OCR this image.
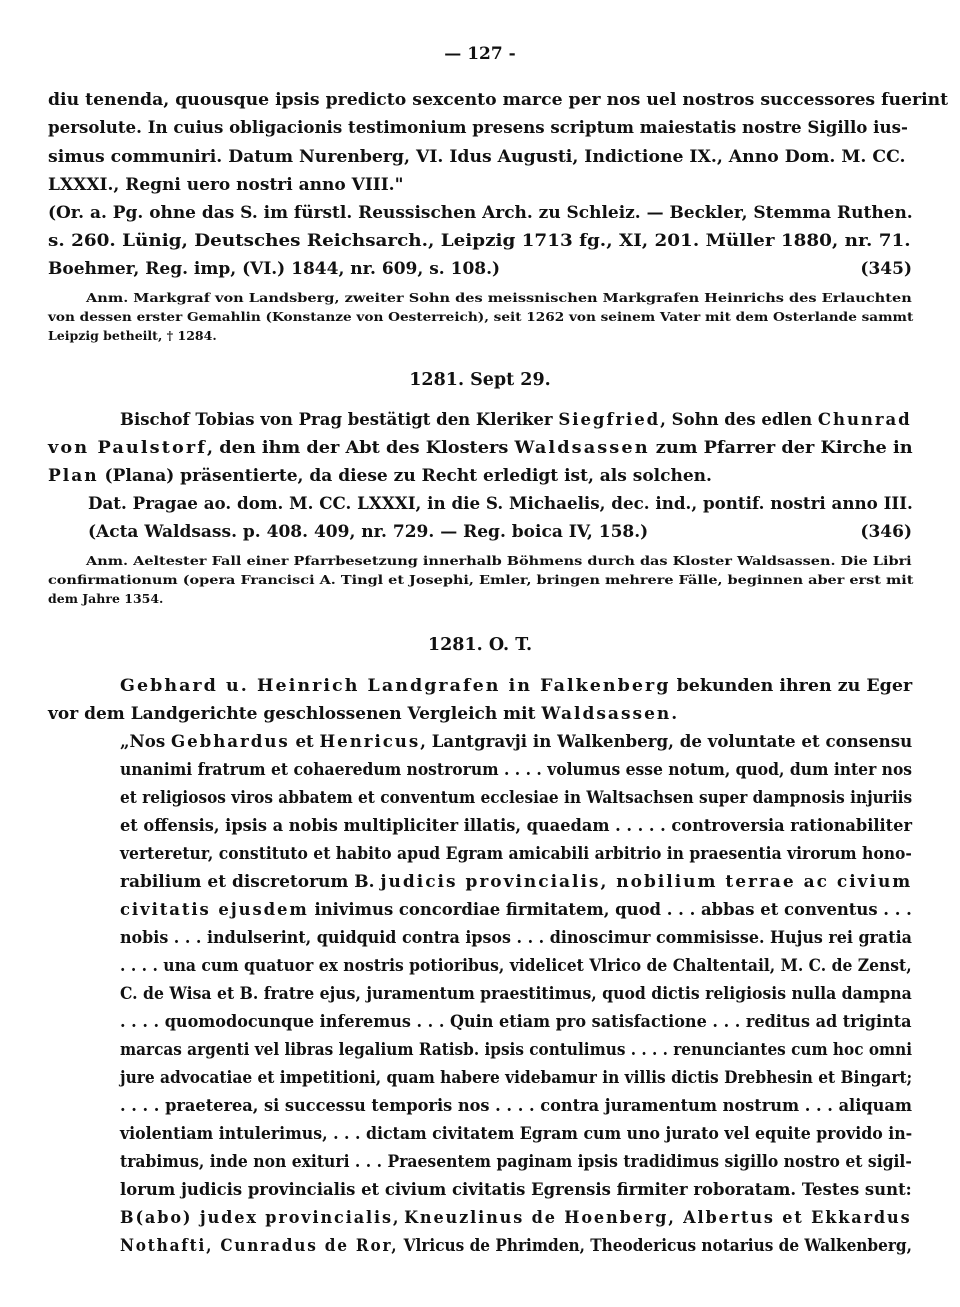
— 127 -
diu tenenda, quousque ipsis predicto sexcento marce per nos uel nostros successores fuerint
persolute. In cuius obligacionis testimonium presens scriptum maiestatis nostre Sigillo ius-
simus communiri. Datum Nurenberg, VI. Idus Augusti, Indictione IX., Anno Dom. M. CC.
LXXXI., Regni uero nostri anno VIII."
(Or. a. Pg. ohne das S. im fürstl. Reussischen Arch. zu Schleiz. — Beckler, Stemma Ruthen.
s. 260. Lünig, Deutsches Reichsarch., Leipzig 1713 fg., XI, 201. Müller 1880, nr. 71.
Boehmer, Reg. imp, (VI.) 1844, nr. 609, s. 108.)	(345)
Anm. Markgraf von Landsberg, zweiter Sohn des meissnischen Markgrafen Heinrichs des Erlauchten
von dessen erster Gemahlin (Konstanze von Oesterreich), seit 1262 von seinem Vater mit dem Osterlande sammt
Leipzig betheilt, † 1284.
1281. Sept 29.
Bischof Tobias von Prag bestätigt den Kleriker Siegfried, Sohn des edlen Chunrad
von Paulstorf, den ihm der Abt des Klosters Waldsassen zum Pfarrer der Kirche in
Plan (Plana) präsentierte, da diese zu Recht erledigt ist, als solchen.
Dat. Pragae ao. dom. M. CC. LXXXI, in die S. Michaelis, dec. ind., pontif. nostri anno III.
(Acta Waldsass. p. 408. 409, nr. 729. — Reg. boica IV, 158.)	(346)
Anm. Aeltester Fall einer Pfarrbesetzung innerhalb Böhmens durch das Kloster Waldsassen. Die Libri
confirmationum (opera Francisci A. Tingl et Josephi, Emler, bringen mehrere Fälle, beginnen aber erst mit
dem Jahre 1354.
1281. O. T.
Gebhard u. Heinrich Landgrafen in Falkenberg bekunden ihren zu Eger
vor dem Landgerichte geschlossenen Vergleich mit Waldsassen.
„Nos Gebhardus et Henricus, Lantgravji in Walkenberg, de voluntate et consensu
unanimi fratrum et cohaeredum nostrorum . . . . volumus esse notum, quod, dum inter nos
et religiosos viros abbatem et conventum ecclesiae in Waltsachsen super dampnosis injuriis
et offensis, ipsis a nobis multipliciter illatis, quaedam . . . . . controversia rationabiliter
verteretur, constituto et habito apud Egram amicabili arbitrio in praesentia virorum hono-
rabilium et discretorum B. judicis provincialis, nobilium terrae ac civium
civitatis ejusdem inivimus concordiae firmitatem, quod . . . abbas et conventus . . .
nobis . . . indulserint, quidquid contra ipsos . . . dinoscimur commisisse. Hujus rei gratia
. . . . una cum quatuor ex nostris potioribus, videlicet Vlrico de Chaltentail, M. C. de Zenst,
C. de Wisa et B. fratre ejus, juramentum praestitimus, quod dictis religiosis nulla dampna
. . . . quomodocunque inferemus . . . Quin etiam pro satisfactione . . . reditus ad triginta
marcas argenti vel libras legalium Ratisb. ipsis contulimus . . . . renunciantes cum hoc omni
jure advocatiae et impetitioni, quam habere videbamur in villis dictis Drebhesin et Bingart;
. . . . praeterea, si successu temporis nos . . . . contra juramentum nostrum . . . aliquam
violentiam intulerimus, . . . dictam civitatem Egram cum uno jurato vel equite provido in-
trabimus, inde non exituri . . . Praesentem paginam ipsis tradidimus sigillo nostro et sigil-
lorum judicis provincialis et civium civitatis Egrensis firmiter roboratam. Testes sunt:
B(abo) judex provincialis, Kneuzlinus de Hoenberg, Albertus et Ekkardus
Nothafti, Cunradus de Ror, Vlricus de Phrimden, Theodericus notarius de Walkenberg,
